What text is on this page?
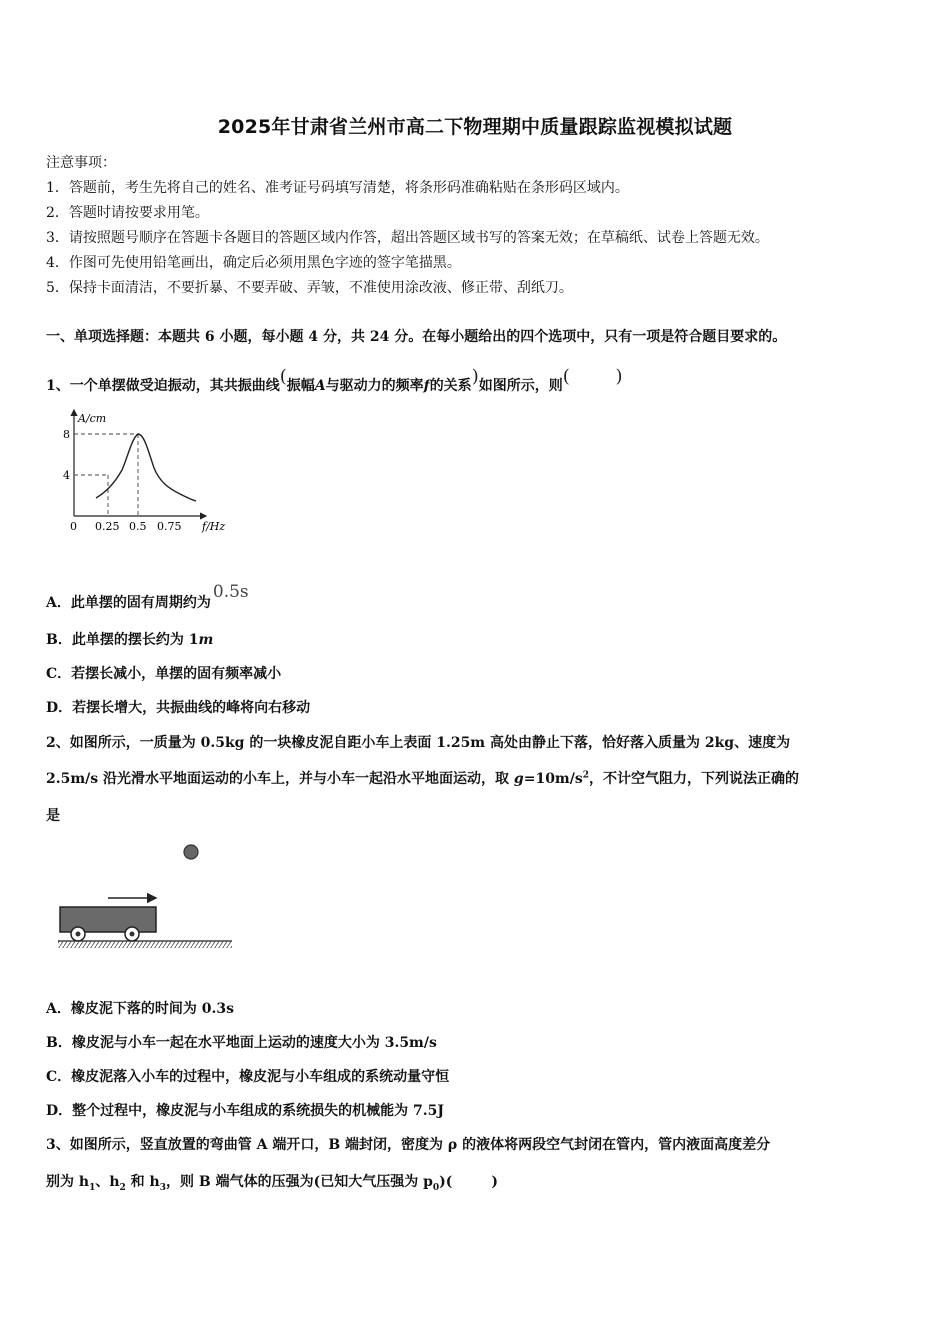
2025年甘肃省兰州市高二下物理期中质量跟踪监视模拟试题
注意事项：
1．答题前，考生先将自己的姓名、准考证号码填写清楚，将条形码准确粘贴在条形码区域内。
2．答题时请按要求用笔。
3．请按照题号顺序在答题卡各题目的答题区域内作答，超出答题区域书写的答案无效；在草稿纸、试卷上答题无效。
4．作图可先使用铅笔画出，确定后必须用黑色字迹的签字笔描黑。
5．保持卡面清洁，不要折暴、不要弄破、弄皱，不准使用涂改液、修正带、刮纸刀。
一、单项选择题：本题共 6 小题，每小题 4 分，共 24 分。在每小题给出的四个选项中，只有一项是符合题目要求的。
1、一个单摆做受迫振动，其共振曲线(振幅A与驱动力的频率f的关系)如图所示，则(        )
A/cm
8
4
0 0.25 0.5 0.75 f/Hz
A．此单摆的固有周期约为0.5s
B．此单摆的摆长约为 1m
C．若摆长减小，单摆的固有频率减小
D．若摆长增大，共振曲线的峰将向右移动
2、如图所示，一质量为 0.5kg 的一块橡皮泥自距小车上表面 1.25m 高处由静止下落，恰好落入质量为 2kg、速度为
2.5m/s 沿光滑水平地面运动的小车上，并与小车一起沿水平地面运动，取 $g=10m/s^2$，不计空气阻力，下列说法正确的
是
A．橡皮泥下落的时间为 0.3s
B．橡皮泥与小车一起在水平地面上运动的速度大小为 3.5m/s
C．橡皮泥落入小车的过程中，橡皮泥与小车组成的系统动量守恒
D．整个过程中，橡皮泥与小车组成的系统损失的机械能为 7.5J
3、如图所示，竖直放置的弯曲管 A 端开口，B 端封闭，密度为 ρ 的液体将两段空气封闭在管内，管内液面高度差分
别为 $h_1$、$h_2$ 和 $h_3$，则 B 端气体的压强为(已知大气压强为 $p_0$)(        )
